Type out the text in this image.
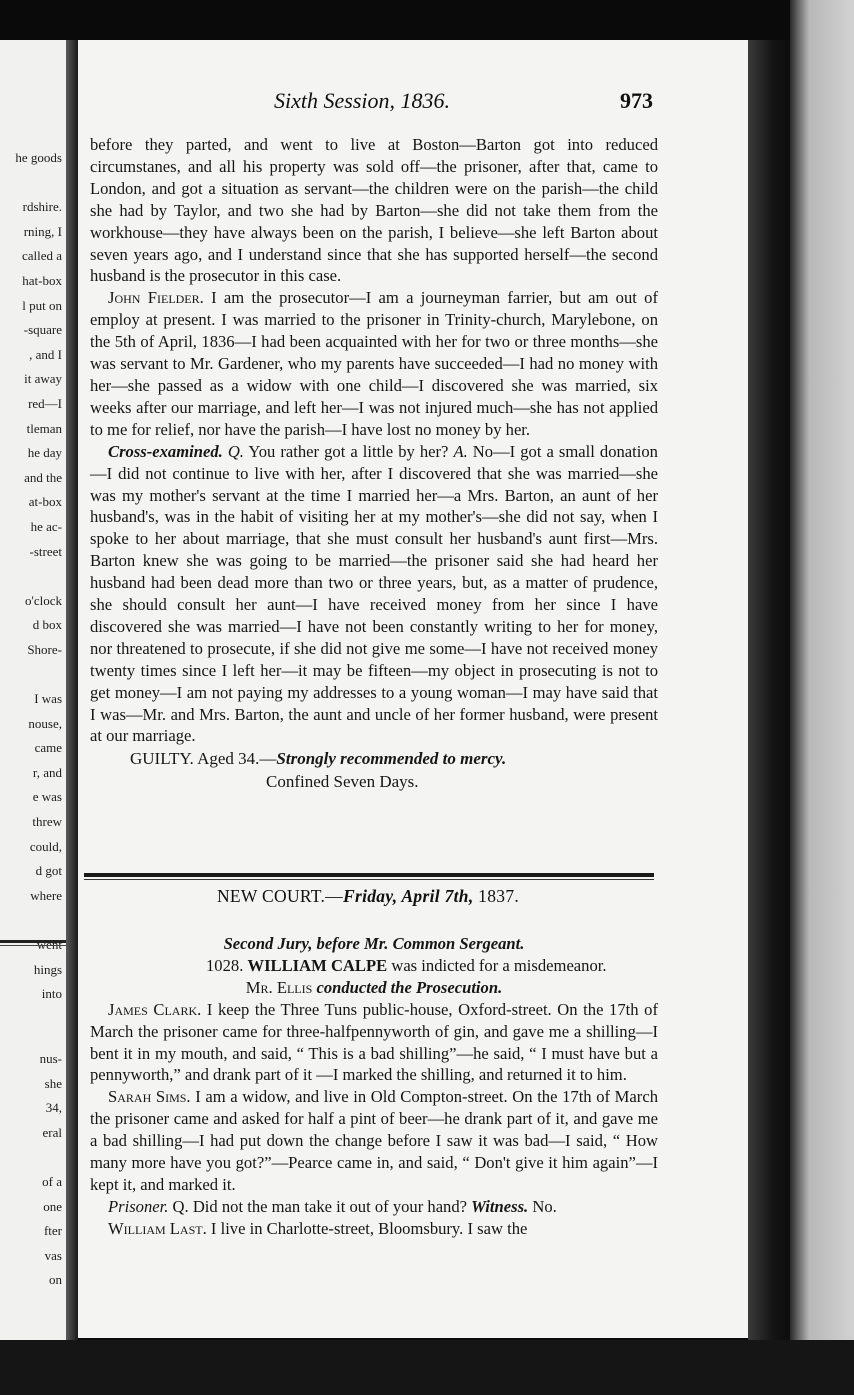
he goods

rdshire.
rning, I
called a
hat-box
l put on
-square
, and I
it away
red—I
tleman
he day
and the
at-box
he ac-
-street

o'clock
d box
Shore-

I was
nouse,
came
r, and
e was
threw
could,
d got
where

hings
into
nus-
she
34,
eral

of a
one
fter
vas
on
Sixth Session, 1836.	973

before they parted, and went to live at Boston—Barton got into reduced circumstanes, and all his property was sold off—the prisoner, after that, came to London, and got a situation as servant—the children were on the parish—the child she had by Taylor, and two she had by Barton—she did not take them from the workhouse—they have always been on the parish, I believe—she left Barton about seven years ago, and I understand since that she has supported herself—the second husband is the prosecutor in this case.

John Fielder. I am the prosecutor—I am a journeyman farrier, but am out of employ at present. I was married to the prisoner in Trinity-church, Marylebone, on the 5th of April, 1836—I had been acquainted with her for two or three months—she was servant to Mr. Gardener, who my parents have succeeded—I had no money with her—she passed as a widow with one child—I discovered she was married, six weeks after our marriage, and left her—I was not injured much—she has not applied to me for relief, nor have the parish—I have lost no money by her.

Cross-examined. Q. You rather got a little by her? A. No—I got a small donation—I did not continue to live with her, after I discovered that she was married—she was my mother's servant at the time I married her—a Mrs. Barton, an aunt of her husband's, was in the habit of visiting her at my mother's—she did not say, when I spoke to her about marriage, that she must consult her husband's aunt first—Mrs. Barton knew she was going to be married—the prisoner said she had heard her husband had been dead more than two or three years, but, as a matter of prudence, she should consult her aunt—I have received money from her since I have discovered she was married—I have not been constantly writing to her for money, nor threatened to prosecute, if she did not give me some—I have not received money twenty times since I left her—it may be fifteen—my object in prosecuting is not to get money—I am not paying my addresses to a young woman—I may have said that I was—Mr. and Mrs. Barton, the aunt and uncle of her former husband, were present at our marriage.

GUILTY. Aged 34.—Strongly recommended to mercy.

Confined Seven Days.

NEW COURT.—Friday, April 7th, 1837.

Second Jury, before Mr. Common Sergeant.

1028. WILLIAM CALPE was indicted for a misdemeanor.

Mr. Ellis conducted the Prosecution.

James Clark. I keep the Three Tuns public-house, Oxford-street. On the 17th of March the prisoner came for three-halfpennyworth of gin, and gave me a shilling—I bent it in my mouth, and said, “ This is a bad shilling”—he said, “ I must have but a pennyworth,” and drank part of it —I marked the shilling, and returned it to him.

Sarah Sims. I am a widow, and live in Old Compton-street. On the 17th of March the prisoner came and asked for half a pint of beer—he drank part of it, and gave me a bad shilling—I had put down the change before I saw it was bad—I said, “ How many more have you got?”—Pearce came in, and said, “ Don't give it him again”—I kept it, and marked it.

Prisoner. Q. Did not the man take it out of your hand? Witness. No.

William Last. I live in Charlotte-street, Bloomsbury. I saw the
